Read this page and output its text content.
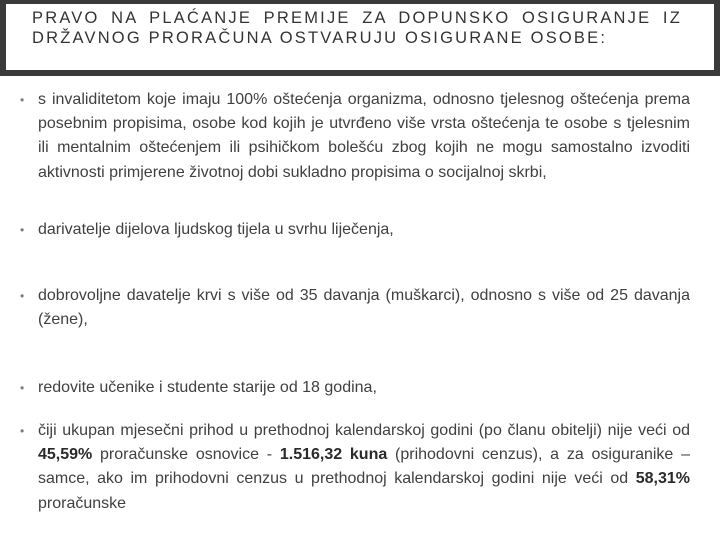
PRAVO NA PLAĆANJE PREMIJE ZA DOPUNSKO OSIGURANJE IZ DRŽAVNOG PRORAČUNA OSTVARUJU OSIGURANE OSOBE:
• s invaliditetom koje imaju 100% oštećenja organizma, odnosno tjelesnog oštećenja prema posebnim propisima, osobe kod kojih je utvrđeno više vrsta oštećenja te osobe s tjelesnim ili mentalnim oštećenjem ili psihičkom bolešću zbog kojih ne mogu samostalno izvoditi aktivnosti primjerene životnoj dobi sukladno propisima o socijalnoj skrbi,
• darivatelje dijelova ljudskog tijela u svrhu liječenja,
• dobrovoljne davatelje krvi s više od 35 davanja (muškarci), odnosno s više od 25 davanja (žene),
• redovite učenike i studente starije od 18 godina,
• čiji ukupan mjesečni prihod u prethodnoj kalendarskoj godini (po članu obitelji) nije veći od 45,59% proračunske osnovice - 1.516,32 kuna (prihodovni cenzus), a za osiguranike – samce, ako im prihodovni cenzus u prethodnoj kalendarskoj godini nije veći od 58,31% proračunske
